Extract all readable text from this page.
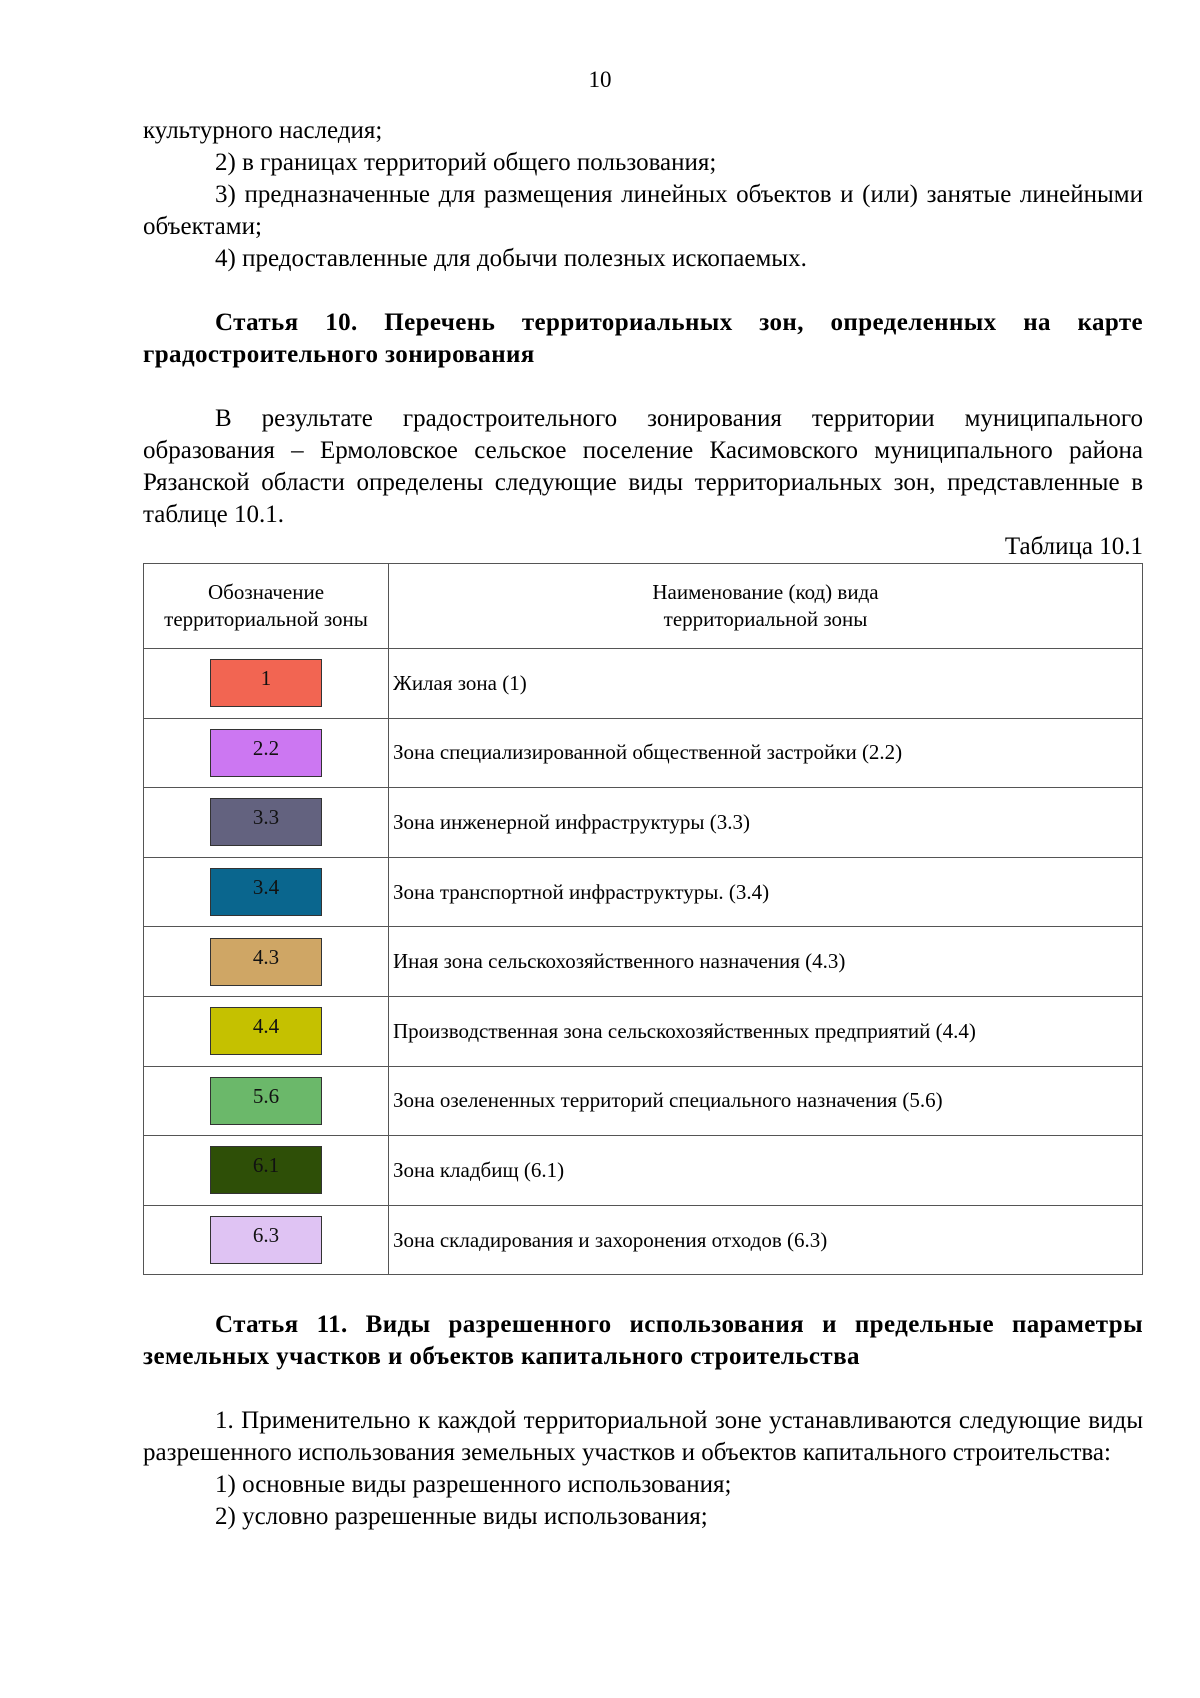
10

культурного наследия;

2) в границах территорий общего пользования;

3) предназначенные для размещения линейных объектов и (или) занятые линейными объектами;

4) предоставленные для добычи полезных ископаемых.

Статья 10. Перечень территориальных зон, определенных на карте градостроительного зонирования

В результате градостроительного зонирования территории муниципального образования – Ермоловское сельское поселение Касимовского муниципального района Рязанской области определены следующие виды территориальных зон, представленные в таблице 10.1.

Таблица 10.1

Обозначение территориальной зоны	Наименование (код) вида территориальной зоны
1	Жилая зона (1)
2.2	Зона специализированной общественной застройки (2.2)
3.3	Зона инженерной инфраструктуры (3.3)
3.4	Зона транспортной инфраструктуры. (3.4)
4.3	Иная зона сельскохозяйственного назначения (4.3)
4.4	Производственная зона сельскохозяйственных предприятий (4.4)
5.6	Зона озелененных территорий специального назначения (5.6)
6.1	Зона кладбищ (6.1)
6.3	Зона складирования и захоронения отходов (6.3)

Статья 11. Виды разрешенного использования и предельные параметры земельных участков и объектов капитального строительства

1. Применительно к каждой территориальной зоне устанавливаются следующие виды разрешенного использования земельных участков и объектов капитального строительства:

1) основные виды разрешенного использования;

2) условно разрешенные виды использования;
